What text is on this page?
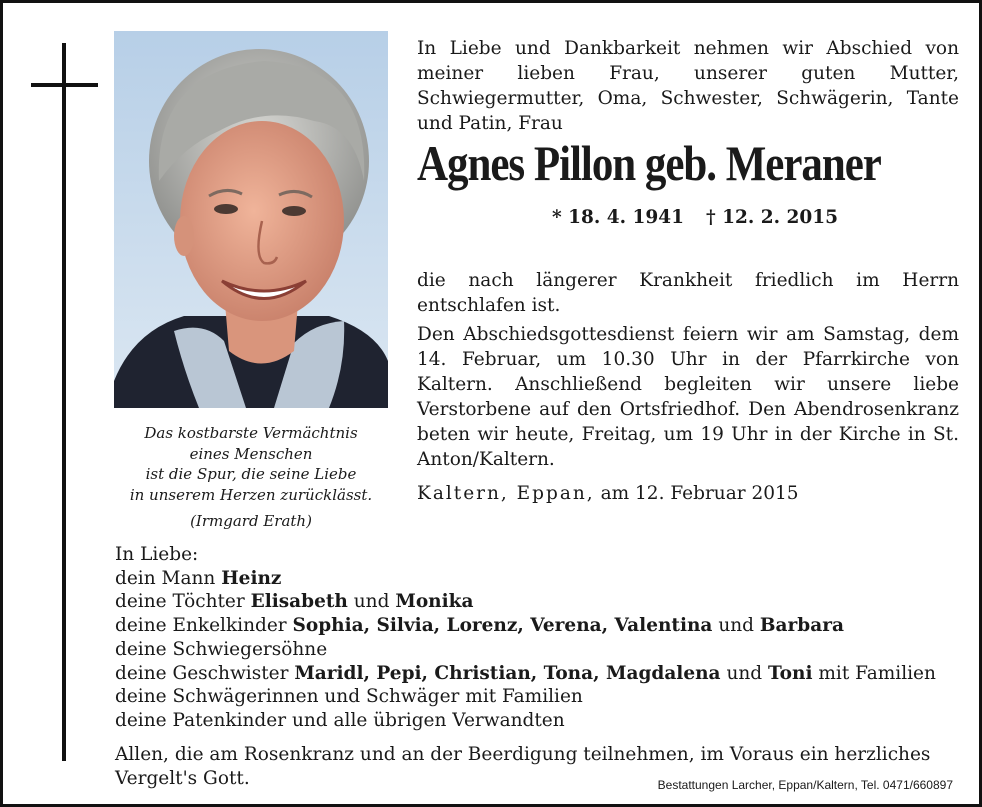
Das kostbarste Vermächtnis
eines Menschen
ist die Spur, die seine Liebe
in unserem Herzen zurücklässt.
(Irmgard Erath)
In Liebe und Dankbarkeit nehmen wir Abschied von meiner lieben Frau, unserer guten Mutter, Schwiegermutter, Oma, Schwester, Schwägerin, Tante und Patin, Frau
Agnes Pillon geb. Meraner
* 18. 4. 1941 † 12. 2. 2015
die nach längerer Krankheit friedlich im Herrn entschlafen ist.
Den Abschiedsgottesdienst feiern wir am Samstag, dem 14. Februar, um 10.30 Uhr in der Pfarrkirche von Kaltern. Anschließend begleiten wir unsere liebe Verstorbene auf den Ortsfriedhof. Den Abendrosenkranz beten wir heute, Freitag, um 19 Uhr in der Kirche in St. Anton/Kaltern.
Kaltern, Eppan, am 12. Februar 2015
In Liebe:
dein Mann Heinz
deine Töchter Elisabeth und Monika
deine Enkelkinder Sophia, Silvia, Lorenz, Verena, Valentina und Barbara
deine Schwiegersöhne
deine Geschwister Maridl, Pepi, Christian, Tona, Magdalena und Toni mit Familien
deine Schwägerinnen und Schwäger mit Familien
deine Patenkinder und alle übrigen Verwandten
Allen, die am Rosenkranz und an der Beerdigung teilnehmen, im Voraus ein herzliches Vergelt's Gott.	Bestattungen Larcher, Eppan/Kaltern, Tel. 0471/660897
